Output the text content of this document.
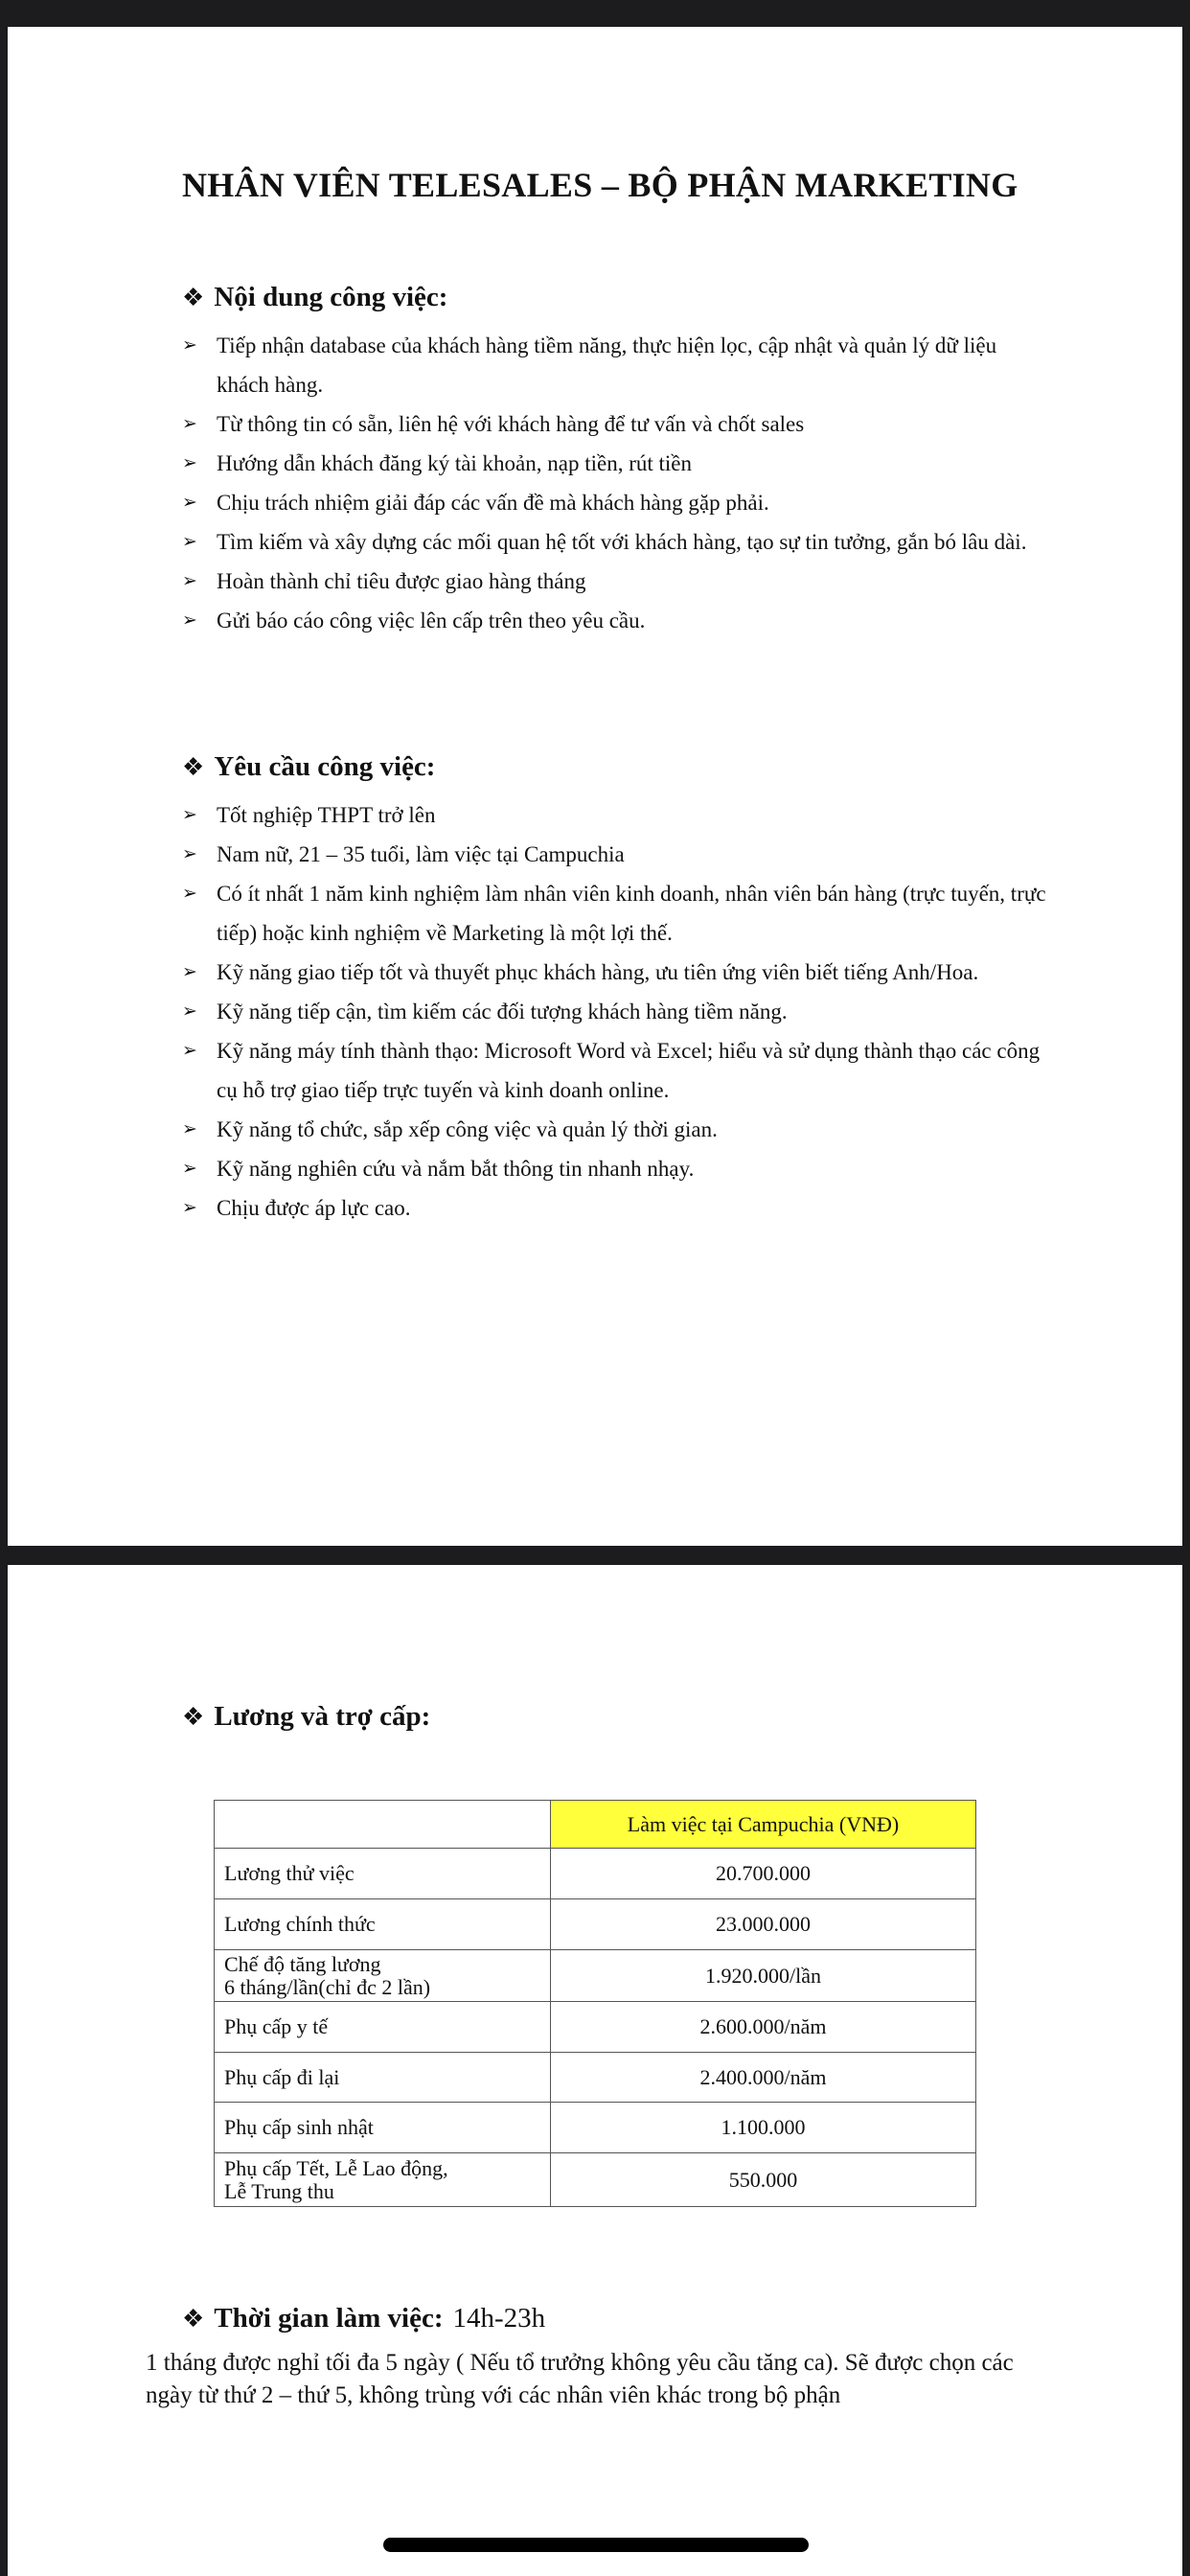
NHÂN VIÊN TELESALES – BỘ PHẬN MARKETING
❖ Nội dung công việc:
➢ Tiếp nhận database của khách hàng tiềm năng, thực hiện lọc, cập nhật và quản lý dữ liệu khách hàng.
➢ Từ thông tin có sẵn, liên hệ với khách hàng để tư vấn và chốt sales
➢ Hướng dẫn khách đăng ký tài khoản, nạp tiền, rút tiền
➢ Chịu trách nhiệm giải đáp các vấn đề mà khách hàng gặp phải.
➢ Tìm kiếm và xây dựng các mối quan hệ tốt với khách hàng, tạo sự tin tưởng, gắn bó lâu dài.
➢ Hoàn thành chỉ tiêu được giao hàng tháng
➢ Gửi báo cáo công việc lên cấp trên theo yêu cầu.
❖ Yêu cầu công việc:
➢ Tốt nghiệp THPT trở lên
➢ Nam nữ, 21 – 35 tuổi, làm việc tại Campuchia
➢ Có ít nhất 1 năm kinh nghiệm làm nhân viên kinh doanh, nhân viên bán hàng (trực tuyến, trực tiếp) hoặc kinh nghiệm về Marketing là một lợi thế.
➢ Kỹ năng giao tiếp tốt và thuyết phục khách hàng, ưu tiên ứng viên biết tiếng Anh/Hoa.
➢ Kỹ năng tiếp cận, tìm kiếm các đối tượng khách hàng tiềm năng.
➢ Kỹ năng máy tính thành thạo: Microsoft Word và Excel; hiểu và sử dụng thành thạo các công cụ hỗ trợ giao tiếp trực tuyến và kinh doanh online.
➢ Kỹ năng tổ chức, sắp xếp công việc và quản lý thời gian.
➢ Kỹ năng nghiên cứu và nắm bắt thông tin nhanh nhạy.
➢ Chịu được áp lực cao.
❖ Lương và trợ cấp:
	Làm việc tại Campuchia (VNĐ)
Lương thử việc	20.700.000
Lương chính thức	23.000.000
Chế độ tăng lương
6 tháng/lần(chỉ đc 2 lần)	1.920.000/lần
Phụ cấp y tế	2.600.000/năm
Phụ cấp đi lại	2.400.000/năm
Phụ cấp sinh nhật	1.100.000
Phụ cấp Tết, Lễ Lao động,
Lễ Trung thu	550.000
❖ Thời gian làm việc: 14h-23h
1 tháng được nghỉ tối đa 5 ngày ( Nếu tổ trưởng không yêu cầu tăng ca). Sẽ được chọn các ngày từ thứ 2 – thứ 5, không trùng với các nhân viên khác trong bộ phận
